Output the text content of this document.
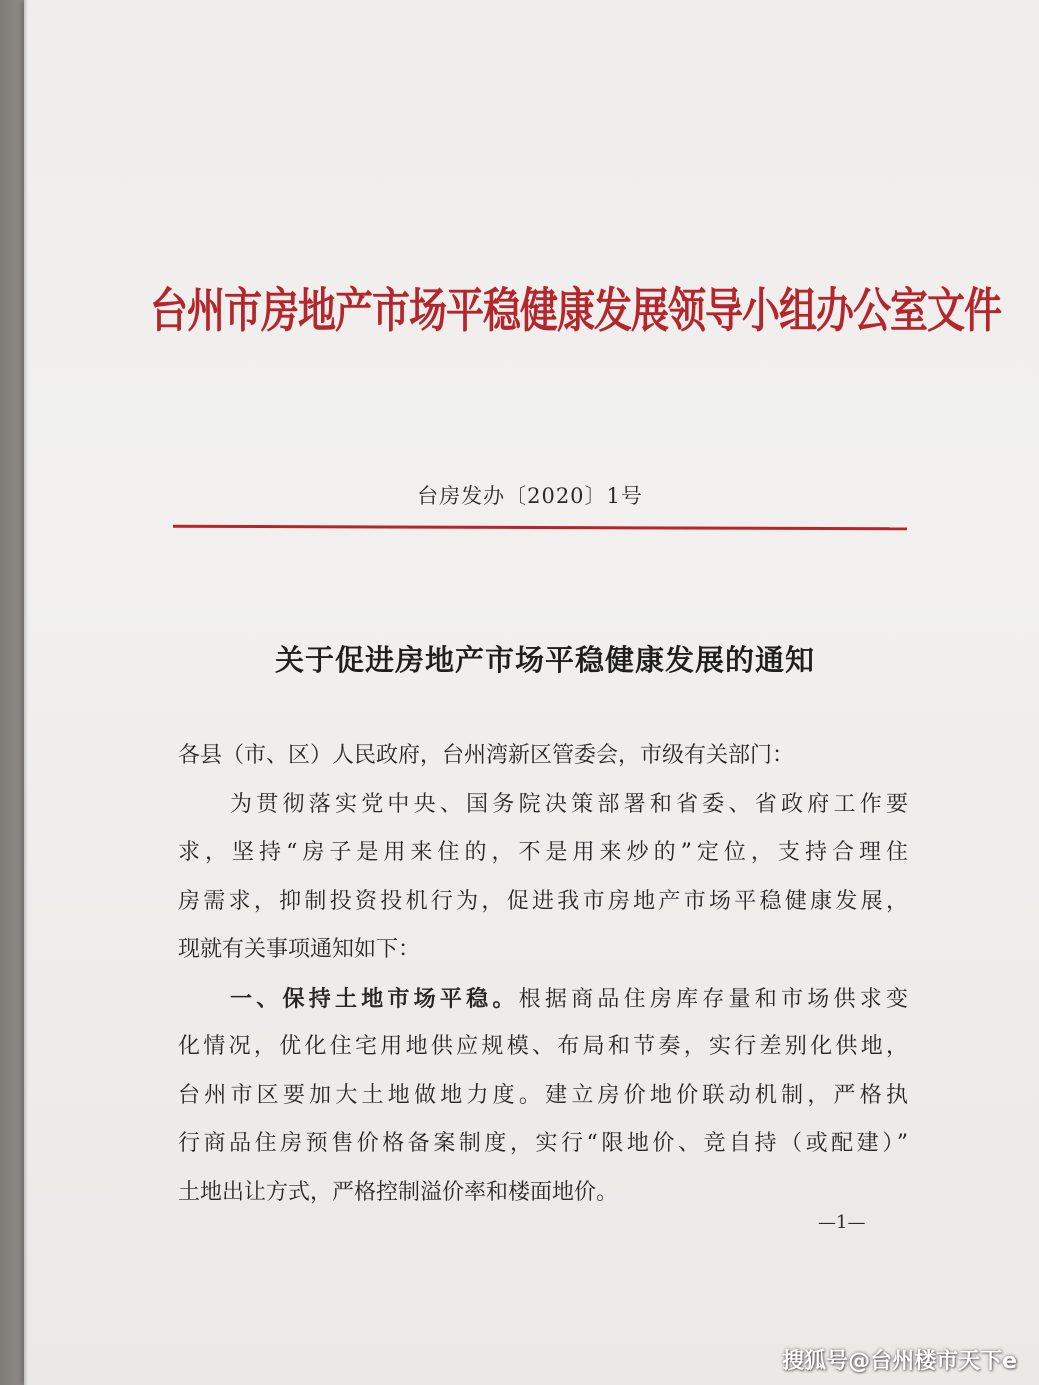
台州市房地产市场平稳健康发展领导小组办公室文件
台房发办〔2020〕1号
关于促进房地产市场平稳健康发展的通知
各县（市、区）人民政府，台州湾新区管委会，市级有关部门：
为贯彻落实党中央、国务院决策部署和省委、省政府工作要
求，坚持“房子是用来住的，不是用来炒的”定位，支持合理住
房需求，抑制投资投机行为，促进我市房地产市场平稳健康发展，
现就有关事项通知如下：
一、保持土地市场平稳。根据商品住房库存量和市场供求变
化情况，优化住宅用地供应规模、布局和节奏，实行差别化供地，
台州市区要加大土地做地力度。建立房价地价联动机制，严格执
行商品住房预售价格备案制度，实行“限地价、竞自持（或配建）”
土地出让方式，严格控制溢价率和楼面地价。
—1—
搜狐号@台州楼市天下e
